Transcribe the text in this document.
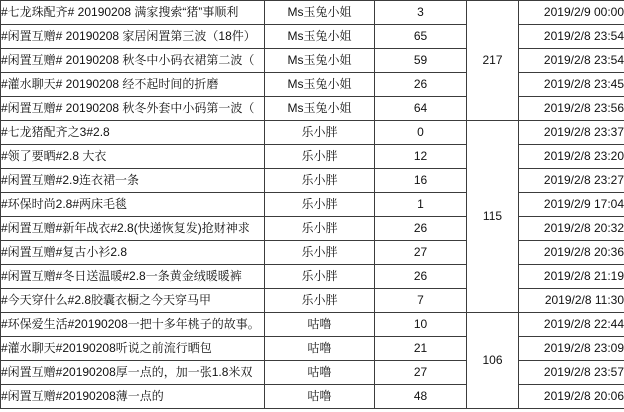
#七龙珠配齐# 20190208 满家搜索“猪”事顺利	Ms玉兔小姐	3	217	2019/2/9 00:00
#闲置互赠# 20190208 家居闲置第三波（18件）	Ms玉兔小姐	65		2019/2/8 23:54
#闲置互赠# 20190208 秋冬中小码衣裙第二波（	Ms玉兔小姐	59		2019/2/8 23:54
#灌水聊天# 20190208 经不起时间的折磨	Ms玉兔小姐	26		2019/2/8 23:45
#闲置互赠# 20190208 秋冬外套中小码第一波（	Ms玉兔小姐	64		2019/2/8 23:56
#七龙猪配齐之3#2.8	乐小胖	0	115	2019/2/8 23:37
#领了要晒#2.8 大衣	乐小胖	12		2019/2/8 23:20
#闲置互赠#2.9连衣裙一条	乐小胖	16		2019/2/8 23:27
#环保时尚2.8#两床毛毯	乐小胖	1		2019/2/9 17:04
#闲置互赠#新年战衣#2.8(快递恢复发)抢财神求	乐小胖	26		2019/2/8 20:32
#闲置互赠#复古小衫2.8	乐小胖	27		2019/2/8 20:36
#闲置互赠#冬日送温暖#2.8一条黄金绒暖暖裤	乐小胖	26		2019/2/8 21:19
#今天穿什么#2.8胶囊衣橱之今天穿马甲	乐小胖	7		2019/2/8 11:30
#环保爱生活#20190208一把十多年桃子的故事。	咕噜	10	106	2019/2/8 22:44
#灌水聊天#20190208听说之前流行晒包	咕噜	21		2019/2/8 23:09
#闲置互赠#20190208厚一点的，加一张1.8米双	咕噜	27		2019/2/8 23:57
#闲置互赠#20190208薄一点的	咕噜	48		2019/2/8 20:06
